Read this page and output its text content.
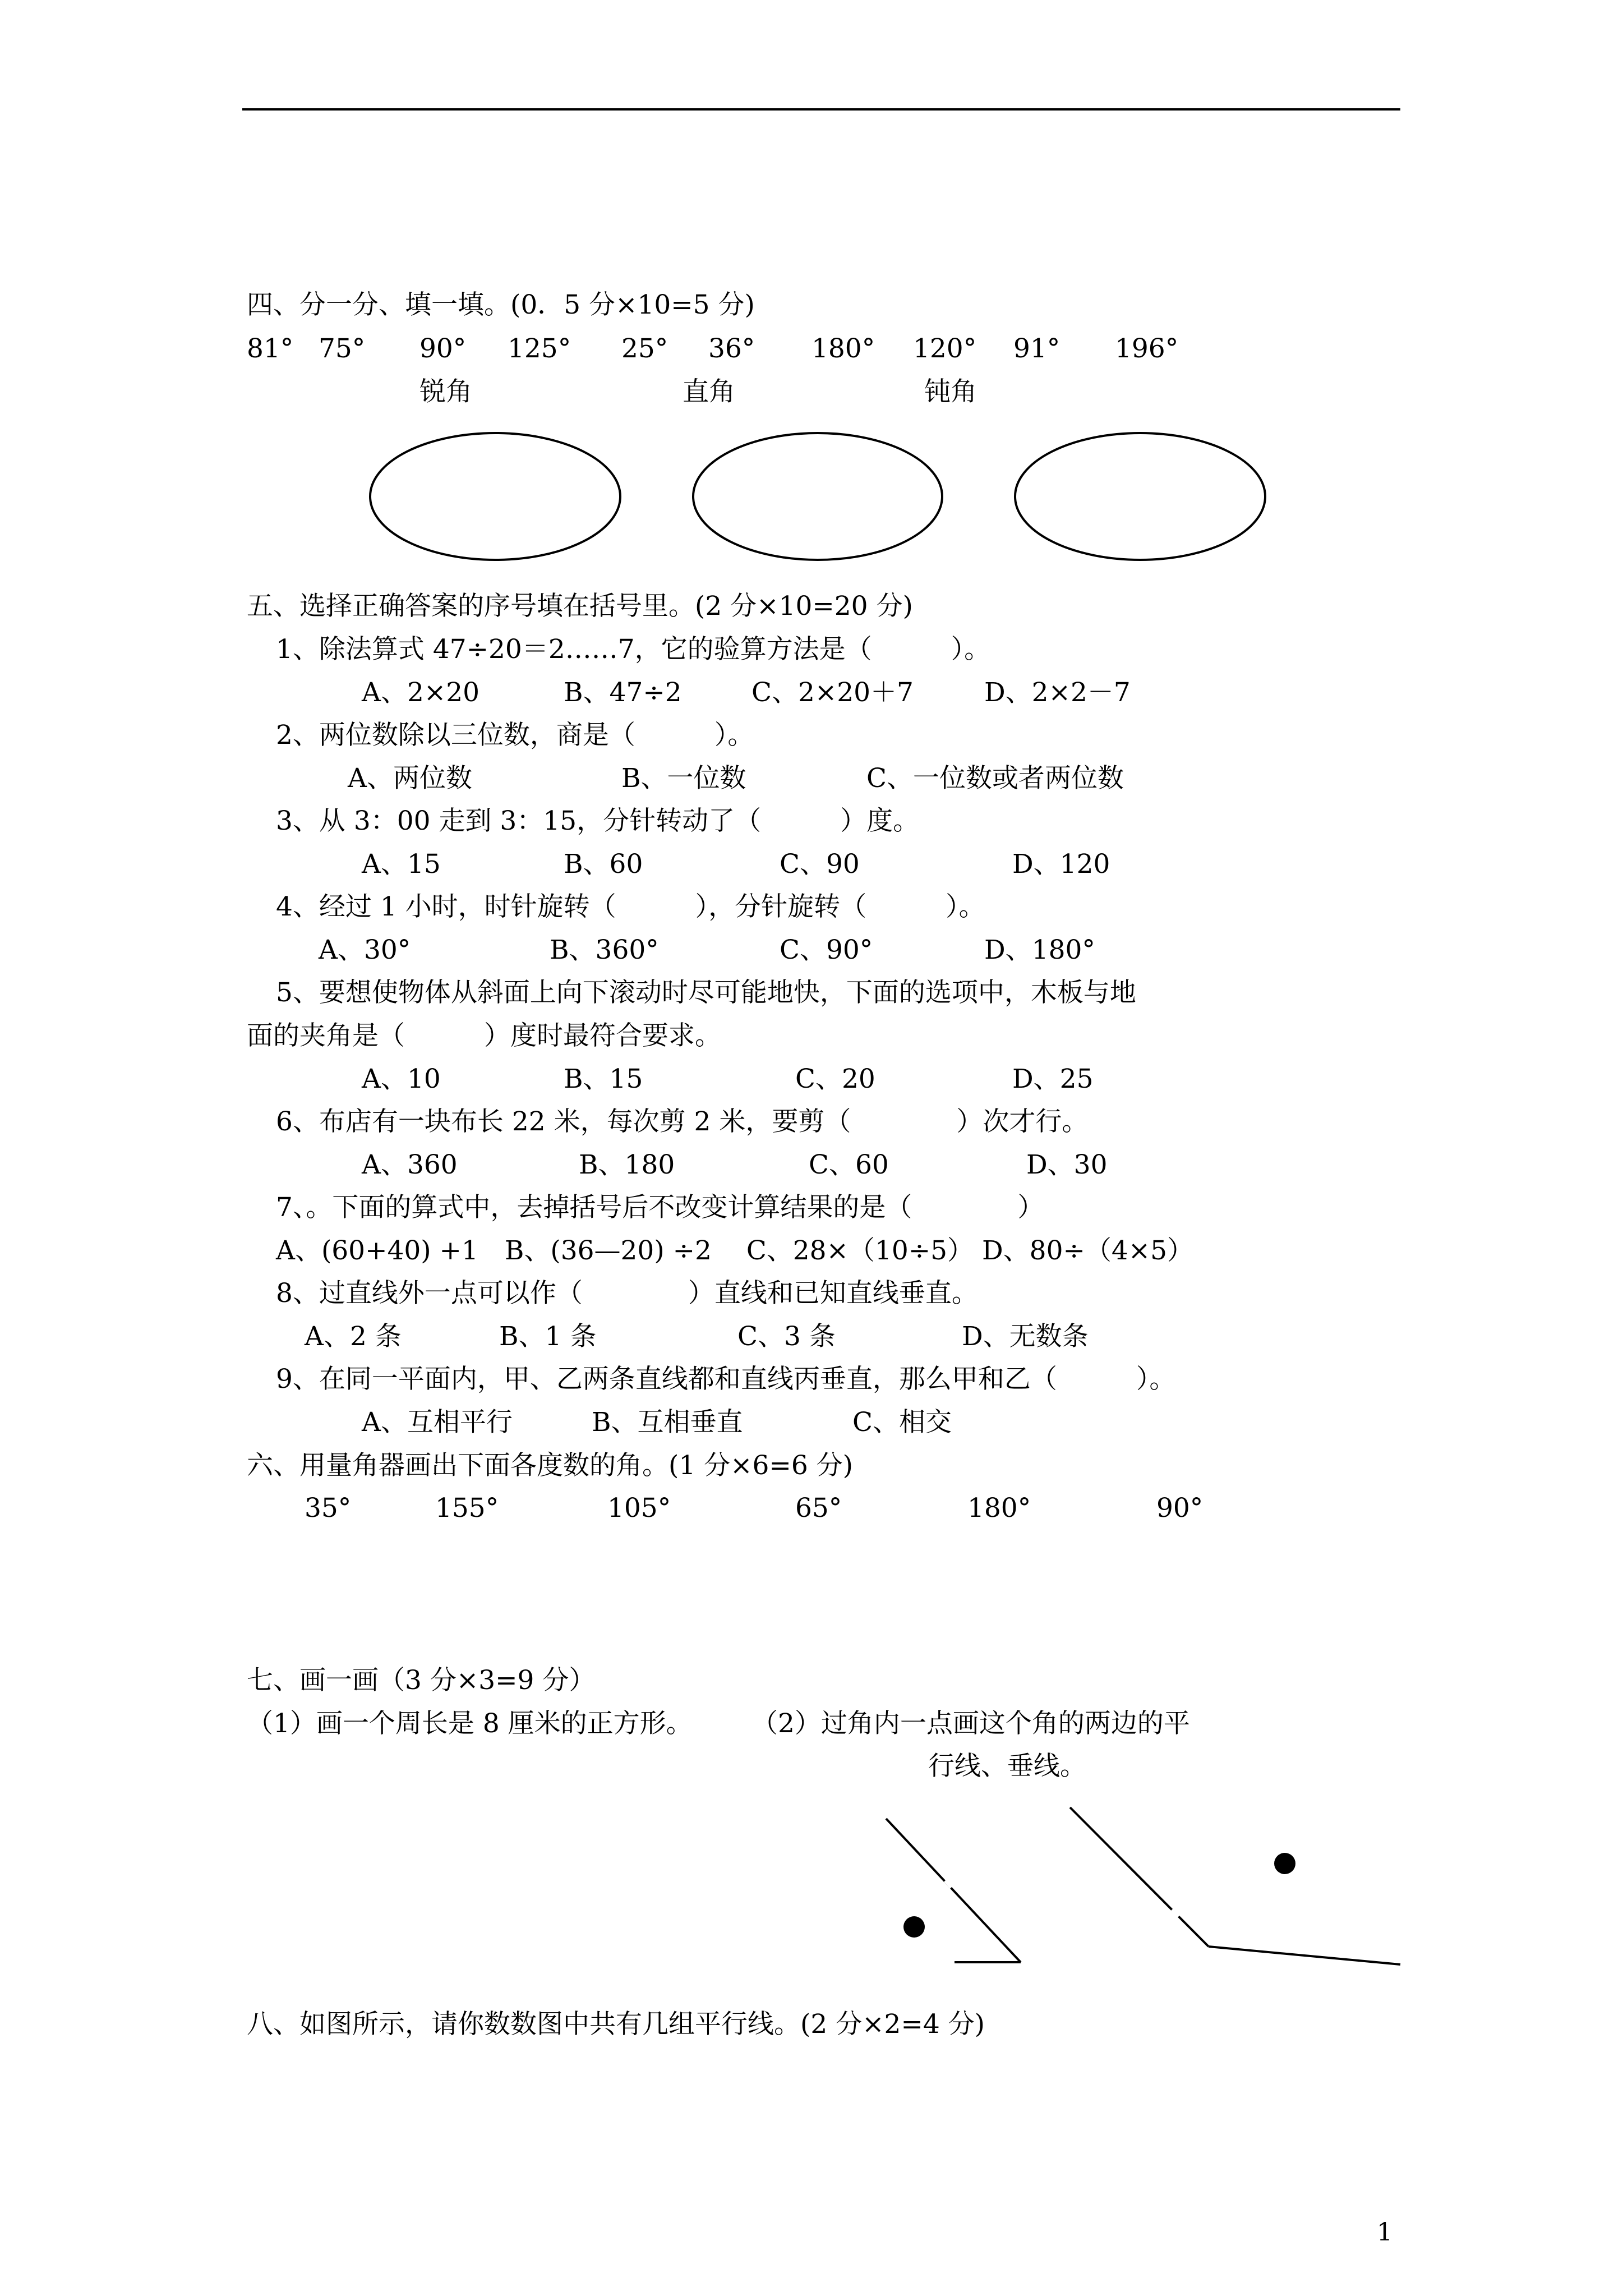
四、分一分、填一填。(0．5 分×10=5 分)
81° 75° 90° 125° 25° 36° 180° 120° 91° 196°
锐角	直角	钝角
五、选择正确答案的序号填在括号里。(2 分×10=20 分)
1、除法算式 47÷20＝2……7，它的验算方法是（　　　）。
A、2×20	B、47÷2	C、2×20＋7	D、2×2－7
2、两位数除以三位数，商是（　　　）。
A、两位数	B、一位数	C、一位数或者两位数
3、从 3：00 走到 3：15，分针转动了（　　　）度。
A、15	B、60	C、90	D、120
4、经过 1 小时，时针旋转（　　　），分针旋转（　　　）。
A、30°	B、360°	C、90°	D、180°
5、要想使物体从斜面上向下滚动时尽可能地快，下面的选项中，木板与地
面的夹角是（　　　）度时最符合要求。
A、10	B、15	C、20	D、25
6、布店有一块布长 22 米，每次剪 2 米，要剪（　　　　）次才行。
A、360	B、180	C、60	D、30
7、。下面的算式中，去掉括号后不改变计算结果的是（　　　　）
A、(60+40) +1　B、(36—20) ÷2　 C、28×（10÷5） D、80÷（4×5）
8、过直线外一点可以作（　　　　）直线和已知直线垂直。
A、2 条	B、1 条	C、3 条	D、无数条
9、在同一平面内，甲、乙两条直线都和直线丙垂直，那么甲和乙（　　　）。
A、互相平行	B、互相垂直	C、相交
六、用量角器画出下面各度数的角。(1 分×6=6 分)
35°	155°	105°	65°	180°	90°
七、画一画（3 分×3=9 分）
（1）画一个周长是 8 厘米的正方形。 （2）过角内一点画这个角的两边的平
行线、垂线。
八、如图所示，请你数数图中共有几组平行线。(2 分×2=4 分)
1
